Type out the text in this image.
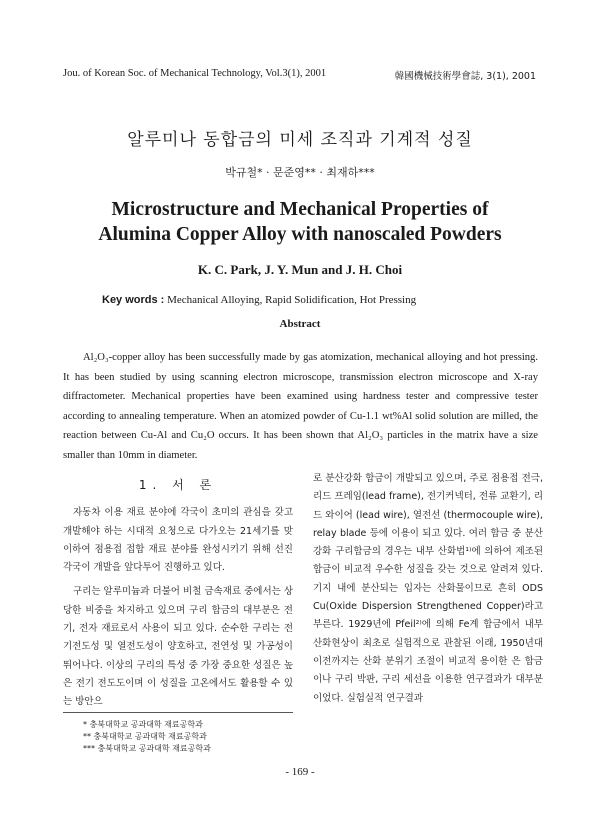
Jou. of Korean Soc. of Mechanical Technology, Vol.3(1), 2001	韓國機械技術學會誌, 3(1), 2001
알루미나 동합금의 미세 조직과 기계적 성질
박규철* · 문준영** · 최재하***
Microstructure and Mechanical Properties of
Alumina Copper Alloy with nanoscaled Powders
K. C. Park, J. Y. Mun and J. H. Choi
Key words : Mechanical Alloying, Rapid Solidification, Hot Pressing
Abstract
Al₂O₃-copper alloy has been successfully made by gas atomization, mechanical alloying and hot pressing. It has been studied by using scanning electron microscope, transmission electron microscope and X-ray diffractometer. Mechanical properties have been examined using hardness tester and compressive tester according to annealing temperature. When an atomized powder of Cu-1.1 wt%Al solid solution are milled, the reaction between Cu-Al and Cu₂O occurs. It has been shown that Al₂O₃ particles in the matrix have a size smaller than 10mm in diameter.
1. 서 론
자동차 이용 재료 분야에 각국이 초미의 관심을 갖고 개발해야 하는 시대적 요청으로 다가오는 21세기를 맞이하여 점용접 접합 재료 분야를 완성시키기 위해 선진 각국이 개발을 앞다투어 진행하고 있다.
구리는 알루미늄과 더불어 비철 금속재료 중에서는 상당한 비중을 차지하고 있으며 구리 합금의 대부분은 전기, 전자 재료로서 사용이 되고 있다. 순수한 구리는 전기전도성 및 열전도성이 양호하고, 전연성 및 가공성이 뛰어나다. 이상의 구리의 특성 중 가장 중요한 성질은 높은 전기 전도도이며 이 성질을 고온에서도 활용할 수 있는 방안으
로 분산강화 합금이 개발되고 있으며, 주로 점용접 전극, 리드 프레임(lead frame), 전기커넥터, 전류 교환기, 리드 와이어 (lead wire), 열전선 (thermocouple wire), relay blade 등에 이용이 되고 있다. 여러 합금 중 분산강화 구리합금의 경우는 내부 산화법¹⁾에 의하여 제조된 합금이 비교적 우수한 성질을 갖는 것으로 알려져 있다. 기지 내에 분산되는 입자는 산화물이므로 흔히 ODS Cu(Oxide Dispersion Strengthened Copper)라고 부른다. 1929년에 Pfeil²⁾에 의해 Fe계 합금에서 내부 산화현상이 최초로 실험적으로 관찰된 이래, 1950년대 이전까지는 산화 분위기 조절이 비교적 용이한 은 합금이나 구리 박판, 구리 세선을 이용한 연구결과가 대부분 이었다. 실험실적 연구결과
* 충북대학교 공과대학 재료공학과
** 충북대학교 공과대학 재료공학과
*** 충북대학교 공과대학 재료공학과
- 169 -
